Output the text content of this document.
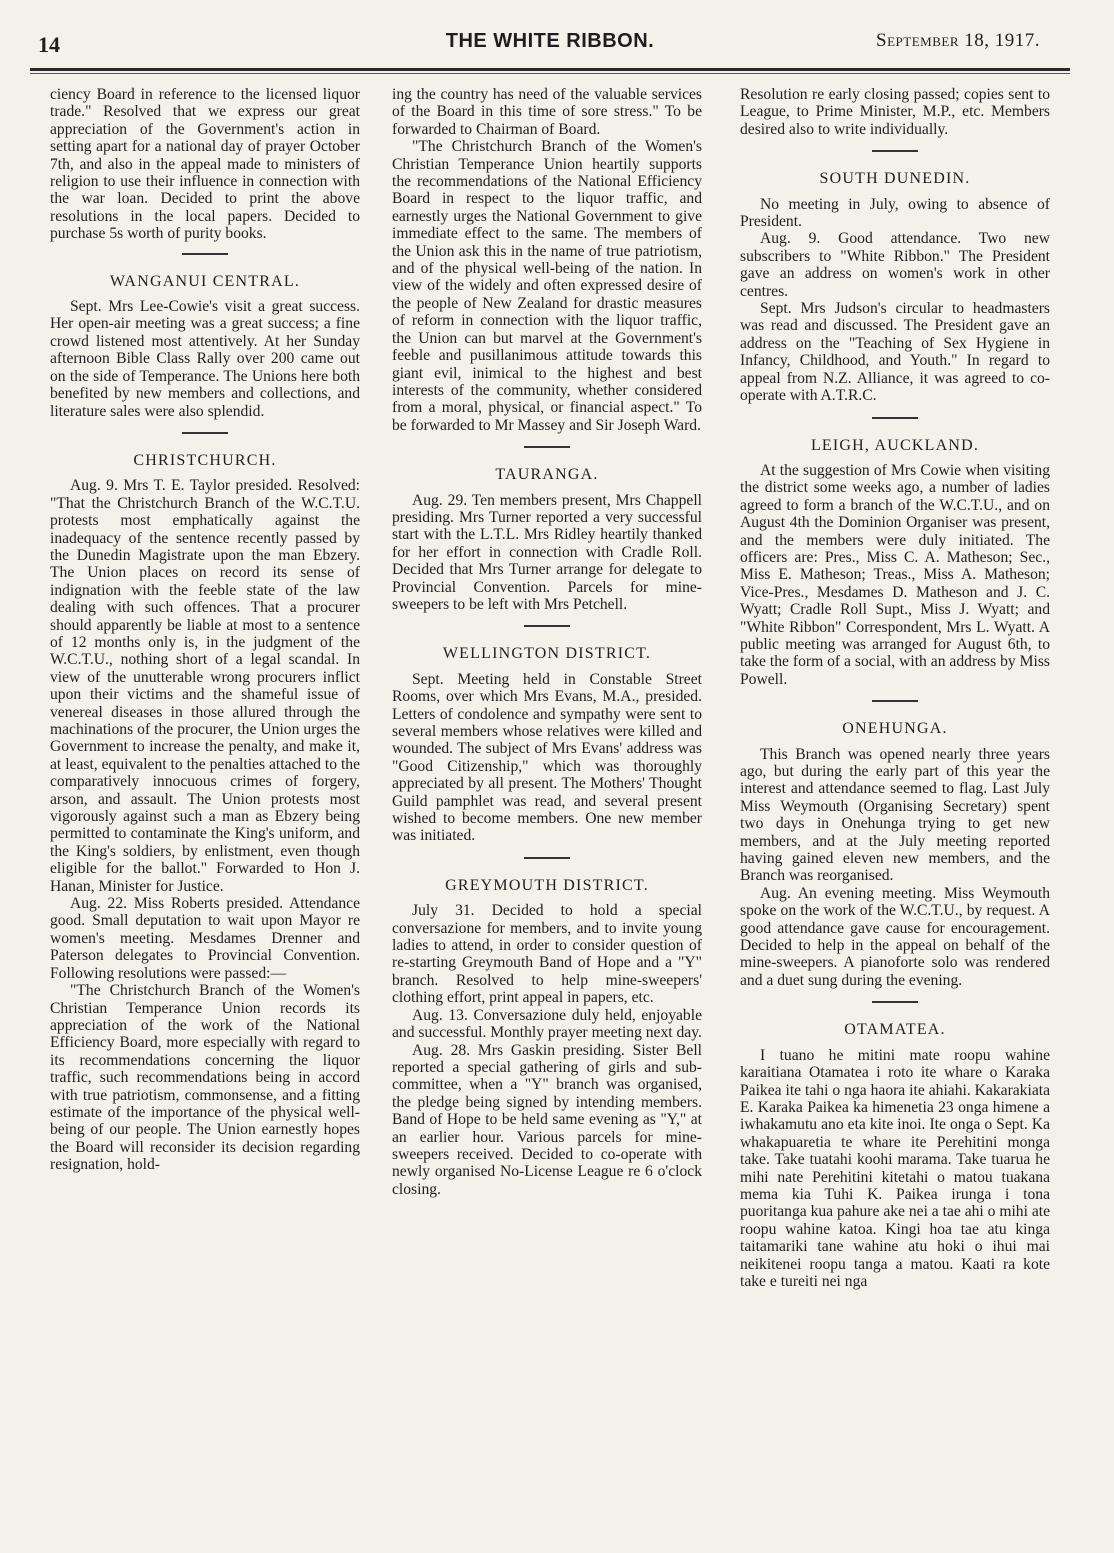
14	THE WHITE RIBBON.	September 18, 1917.

ciency Board in reference to the licensed liquor trade." Resolved that we express our great appreciation of the Government's action in setting apart for a national day of prayer October 7th, and also in the appeal made to ministers of religion to use their influence in connection with the war loan. Decided to print the above resolutions in the local papers. Decided to purchase 5s worth of purity books.

WANGANUI CENTRAL.

Sept. Mrs Lee-Cowie's visit a great success. Her open-air meeting was a great success; a fine crowd listened most attentively. At her Sunday afternoon Bible Class Rally over 200 came out on the side of Temperance. The Unions here both benefited by new members and collections, and literature sales were also splendid.

CHRISTCHURCH.

Aug. 9. Mrs T. E. Taylor presided. Resolved: "That the Christchurch Branch of the W.C.T.U. protests most emphatically against the inadequacy of the sentence recently passed by the Dunedin Magistrate upon the man Ebzery. The Union places on record its sense of indignation with the feeble state of the law dealing with such offences. That a procurer should apparently be liable at most to a sentence of 12 months only is, in the judgment of the W.C.T.U., nothing short of a legal scandal. In view of the unutterable wrong procurers inflict upon their victims and the shameful issue of venereal diseases in those allured through the machinations of the procurer, the Union urges the Government to increase the penalty, and make it, at least, equivalent to the penalties attached to the comparatively innocuous crimes of forgery, arson, and assault. The Union protests most vigorously against such a man as Ebzery being permitted to contaminate the King's uniform, and the King's soldiers, by enlistment, even though eligible for the ballot." Forwarded to Hon J. Hanan, Minister for Justice.

Aug. 22. Miss Roberts presided. Attendance good. Small deputation to wait upon Mayor re women's meeting. Mesdames Drenner and Paterson delegates to Provincial Convention. Following resolutions were passed:—

"The Christchurch Branch of the Women's Christian Temperance Union records its appreciation of the work of the National Efficiency Board, more especially with regard to its recommendations concerning the liquor traffic, such recommendations being in accord with true patriotism, commonsense, and a fitting estimate of the importance of the physical well-being of our people. The Union earnestly hopes the Board will reconsider its decision regarding resignation, hold-

ing the country has need of the valuable services of the Board in this time of sore stress." To be forwarded to Chairman of Board.

"The Christchurch Branch of the Women's Christian Temperance Union heartily supports the recommendations of the National Efficiency Board in respect to the liquor traffic, and earnestly urges the National Government to give immediate effect to the same. The members of the Union ask this in the name of true patriotism, and of the physical well-being of the nation. In view of the widely and often expressed desire of the people of New Zealand for drastic measures of reform in connection with the liquor traffic, the Union can but marvel at the Government's feeble and pusillanimous attitude towards this giant evil, inimical to the highest and best interests of the community, whether considered from a moral, physical, or financial aspect." To be forwarded to Mr Massey and Sir Joseph Ward.

TAURANGA.

Aug. 29. Ten members present, Mrs Chappell presiding. Mrs Turner reported a very successful start with the L.T.L. Mrs Ridley heartily thanked for her effort in connection with Cradle Roll. Decided that Mrs Turner arrange for delegate to Provincial Convention. Parcels for mine-sweepers to be left with Mrs Petchell.

WELLINGTON DISTRICT.

Sept. Meeting held in Constable Street Rooms, over which Mrs Evans, M.A., presided. Letters of condolence and sympathy were sent to several members whose relatives were killed and wounded. The subject of Mrs Evans' address was "Good Citizenship," which was thoroughly appreciated by all present. The Mothers' Thought Guild pamphlet was read, and several present wished to become members. One new member was initiated.

GREYMOUTH DISTRICT.

July 31. Decided to hold a special conversazione for members, and to invite young ladies to attend, in order to consider question of re-starting Greymouth Band of Hope and a "Y" branch. Resolved to help mine-sweepers' clothing effort, print appeal in papers, etc.

Aug. 13. Conversazione duly held, enjoyable and successful. Monthly prayer meeting next day.

Aug. 28. Mrs Gaskin presiding. Sister Bell reported a special gathering of girls and sub-committee, when a "Y" branch was organised, the pledge being signed by intending members. Band of Hope to be held same evening as "Y," at an earlier hour. Various parcels for mine-sweepers received. Decided to co-operate with newly organised No-License League re 6 o'clock closing.

Resolution re early closing passed; copies sent to League, to Prime Minister, M.P., etc. Members desired also to write individually.

SOUTH DUNEDIN.

No meeting in July, owing to absence of President.

Aug. 9. Good attendance. Two new subscribers to "White Ribbon." The President gave an address on women's work in other centres.

Sept. Mrs Judson's circular to headmasters was read and discussed. The President gave an address on the "Teaching of Sex Hygiene in Infancy, Childhood, and Youth." In regard to appeal from N.Z. Alliance, it was agreed to co-operate with A.T.R.C.

LEIGH, AUCKLAND.

At the suggestion of Mrs Cowie when visiting the district some weeks ago, a number of ladies agreed to form a branch of the W.C.T.U., and on August 4th the Dominion Organiser was present, and the members were duly initiated. The officers are: Pres., Miss C. A. Matheson; Sec., Miss E. Matheson; Treas., Miss A. Matheson; Vice-Pres., Mesdames D. Matheson and J. C. Wyatt; Cradle Roll Supt., Miss J. Wyatt; and "White Ribbon" Correspondent, Mrs L. Wyatt. A public meeting was arranged for August 6th, to take the form of a social, with an address by Miss Powell.

ONEHUNGA.

This Branch was opened nearly three years ago, but during the early part of this year the interest and attendance seemed to flag. Last July Miss Weymouth (Organising Secretary) spent two days in Onehunga trying to get new members, and at the July meeting reported having gained eleven new members, and the Branch was reorganised.

Aug. An evening meeting. Miss Weymouth spoke on the work of the W.C.T.U., by request. A good attendance gave cause for encouragement. Decided to help in the appeal on behalf of the mine-sweepers. A pianoforte solo was rendered and a duet sung during the evening.

OTAMATEA.

I tuano he mitini mate roopu wahine karaitiana Otamatea i roto ite whare o Karaka Paikea ite tahi o nga haora ite ahiahi. Kakarakiata E. Karaka Paikea ka himenetia 23 onga himene a iwhakamutu ano eta kite inoi. Ite onga o Sept. Ka whakapuaretia te whare ite Perehitini monga take. Take tuatahi koohi marama. Take tuarua he mihi nate Perehitini kitetahi o matou tuakana mema kia Tuhi K. Paikea irunga i tona puoritanga kua pahure ake nei a tae ahi o mihi ate roopu wahine katoa. Kingi hoa tae atu kinga taitamariki tane wahine atu hoki o ihui mai neikitenei roopu tanga a matou. Kaati ra kote take e tureiti nei nga
